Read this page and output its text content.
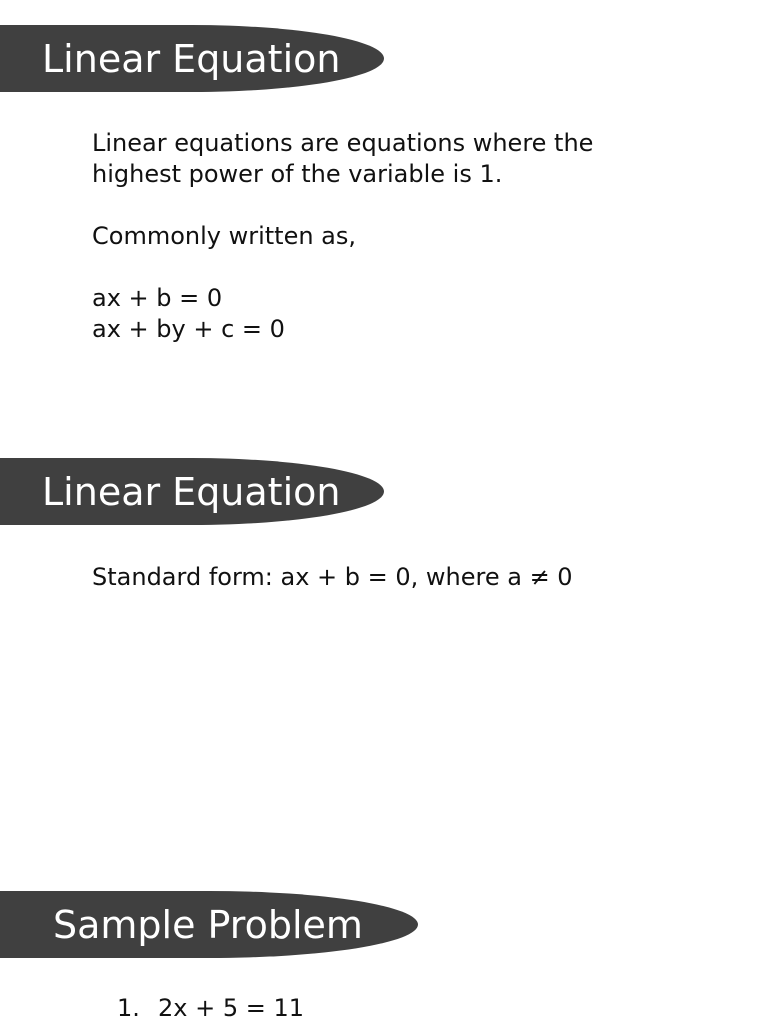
Linear Equation

Linear equations are equations where the

highest power of the variable is 1.

Commonly written as,

ax + b = 0

ax + by + c = 0

Linear Equation

Standard form: ax + b = 0, where a ≠ 0

Sample Problem
1. 2x + 5 = 11
